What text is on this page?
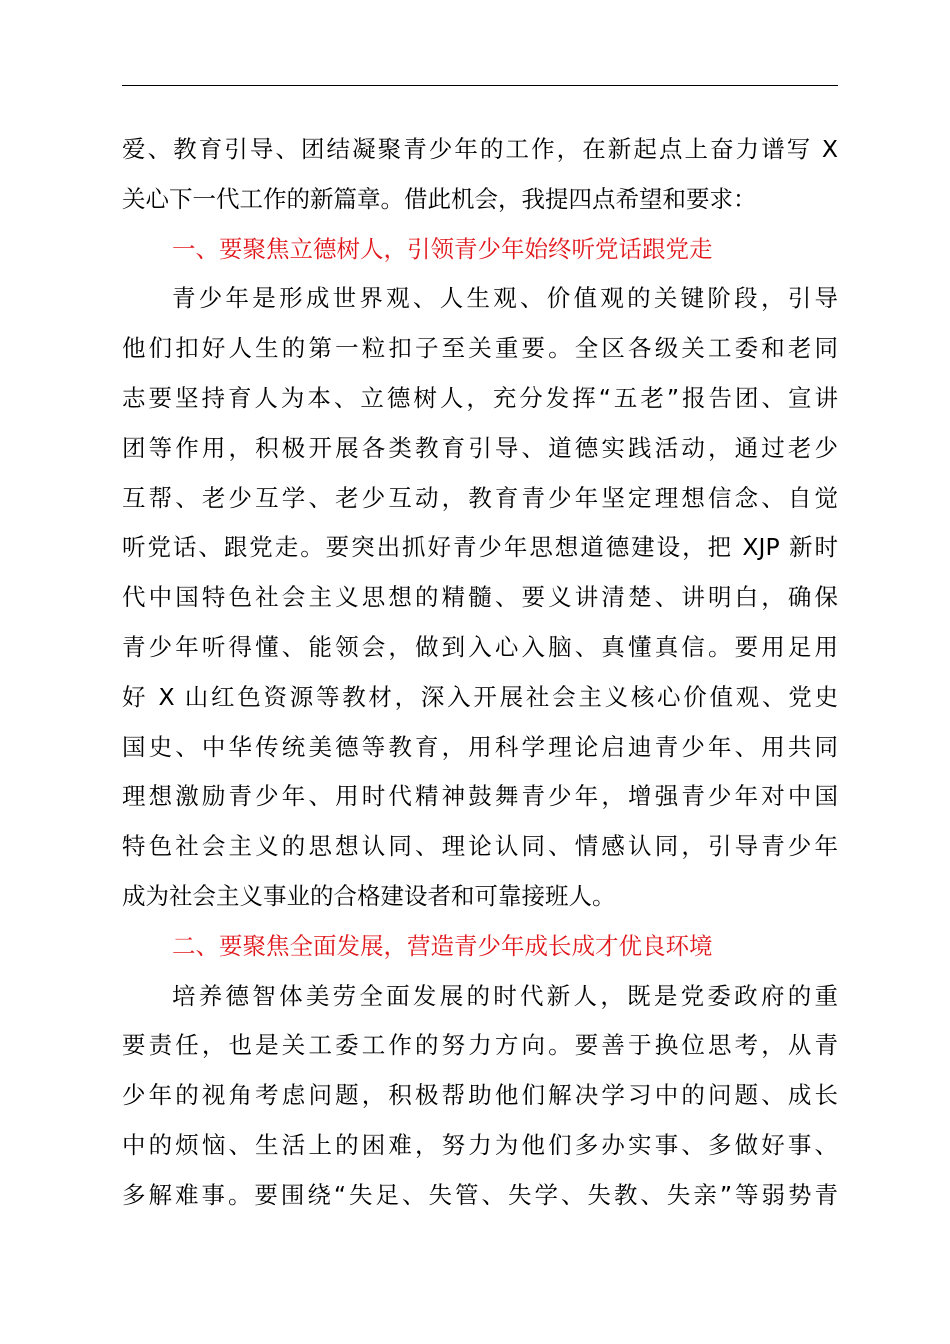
爱、教育引导、团结凝聚青少年的工作，在新起点上奋力谱写 X
关心下一代工作的新篇章。借此机会，我提四点希望和要求：
一、要聚焦立德树人，引领青少年始终听党话跟党走
青少年是形成世界观、人生观、价值观的关键阶段，引导
他们扣好人生的第一粒扣子至关重要。全区各级关工委和老同
志要坚持育人为本、立德树人，充分发挥“五老”报告团、宣讲
团等作用，积极开展各类教育引导、道德实践活动，通过老少
互帮、老少互学、老少互动，教育青少年坚定理想信念、自觉
听党话、跟党走。要突出抓好青少年思想道德建设，把 XJP 新时
代中国特色社会主义思想的精髓、要义讲清楚、讲明白，确保
青少年听得懂、能领会，做到入心入脑、真懂真信。要用足用
好 X 山红色资源等教材，深入开展社会主义核心价值观、党史
国史、中华传统美德等教育，用科学理论启迪青少年、用共同
理想激励青少年、用时代精神鼓舞青少年，增强青少年对中国
特色社会主义的思想认同、理论认同、情感认同，引导青少年
成为社会主义事业的合格建设者和可靠接班人。
二、要聚焦全面发展，营造青少年成长成才优良环境
培养德智体美劳全面发展的时代新人，既是党委政府的重
要责任，也是关工委工作的努力方向。要善于换位思考，从青
少年的视角考虑问题，积极帮助他们解决学习中的问题、成长
中的烦恼、生活上的困难，努力为他们多办实事、多做好事、
多解难事。要围绕“失足、失管、失学、失教、失亲”等弱势青
